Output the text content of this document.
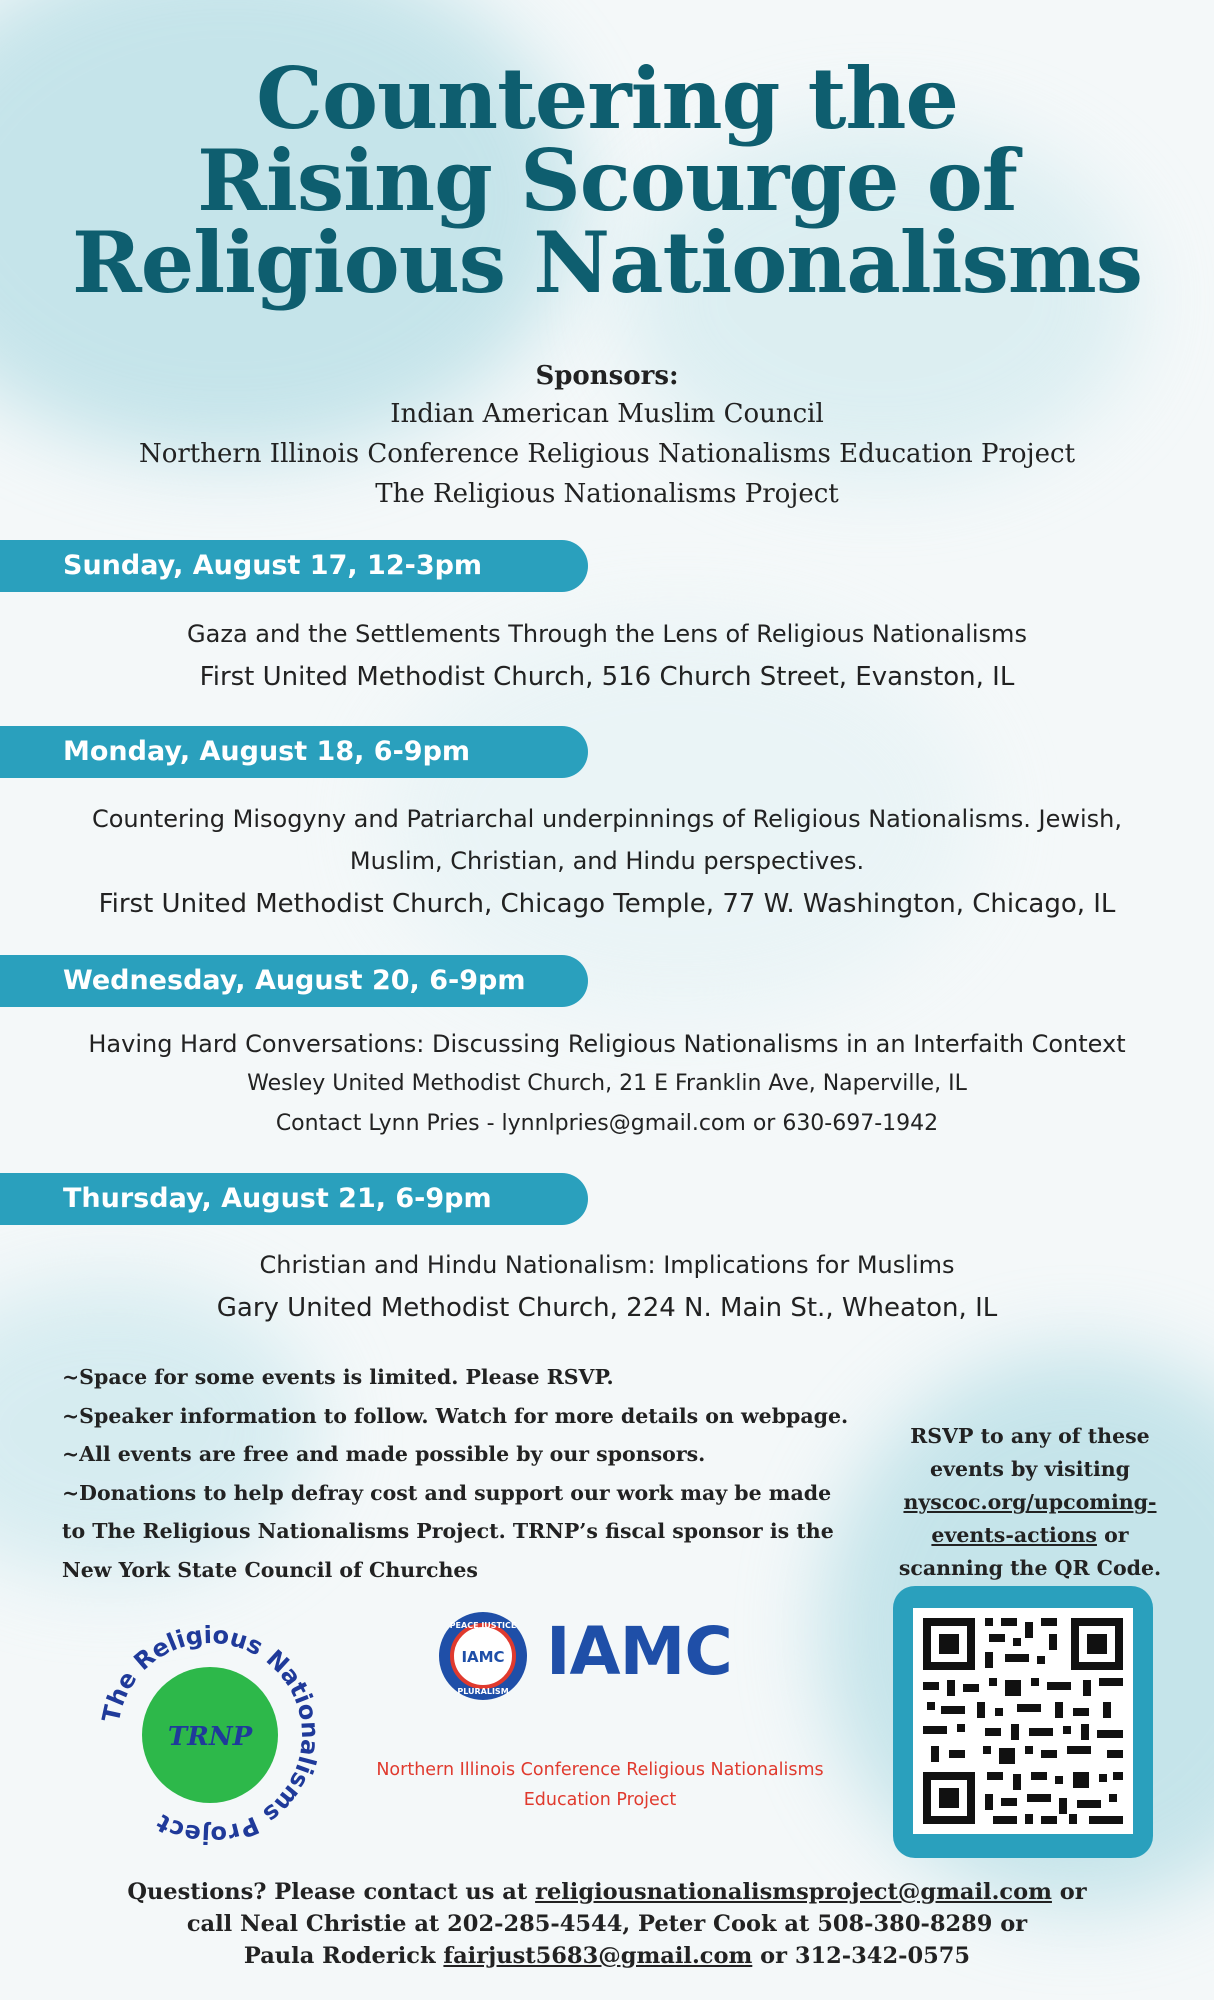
Countering the
Rising Scourge of
Religious Nationalisms
Sponsors:
Indian American Muslim Council
Northern Illinois Conference Religious Nationalisms Education Project
The Religious Nationalisms Project
Sunday, August 17, 12-3pm
Gaza and the Settlements Through the Lens of Religious Nationalisms
First United Methodist Church, 516 Church Street, Evanston, IL
Monday, August 18, 6-9pm
Countering Misogyny and Patriarchal underpinnings of Religious Nationalisms. Jewish,
Muslim, Christian, and Hindu perspectives.
First United Methodist Church, Chicago Temple, 77 W. Washington, Chicago, IL
Wednesday, August 20, 6-9pm
Having Hard Conversations: Discussing Religious Nationalisms in an Interfaith Context
Wesley United Methodist Church, 21 E Franklin Ave, Naperville, IL
Contact Lynn Pries - lynnlpries@gmail.com or 630-697-1942
Thursday, August 21, 6-9pm
Christian and Hindu Nationalism: Implications for Muslims
Gary United Methodist Church, 224 N. Main St., Wheaton, IL
~Space for some events is limited. Please RSVP.
~Speaker information to follow. Watch for more details on webpage.
~All events are free and made possible by our sponsors.
~Donations to help defray cost and support our work may be made
to The Religious Nationalisms Project. TRNP’s fiscal sponsor is the
New York State Council of Churches
RSVP to any of these
events by visiting
nyscoc.org/upcoming-
events-actions or
scanning the QR Code.
TRNP
he Religious Natio lisms Project
IAMC
PEACE JUSTICE
PLURALISM
IAMC
Northern Illinois Conference Religious Nationalisms
Education Project
Questions? Please contact us at religiousnationalismsproject@gmail.com or
call Neal Christie at 202-285-4544, Peter Cook at 508-380-8289 or
Paula Roderick fairjust5683@gmail.com or 312-342-0575
